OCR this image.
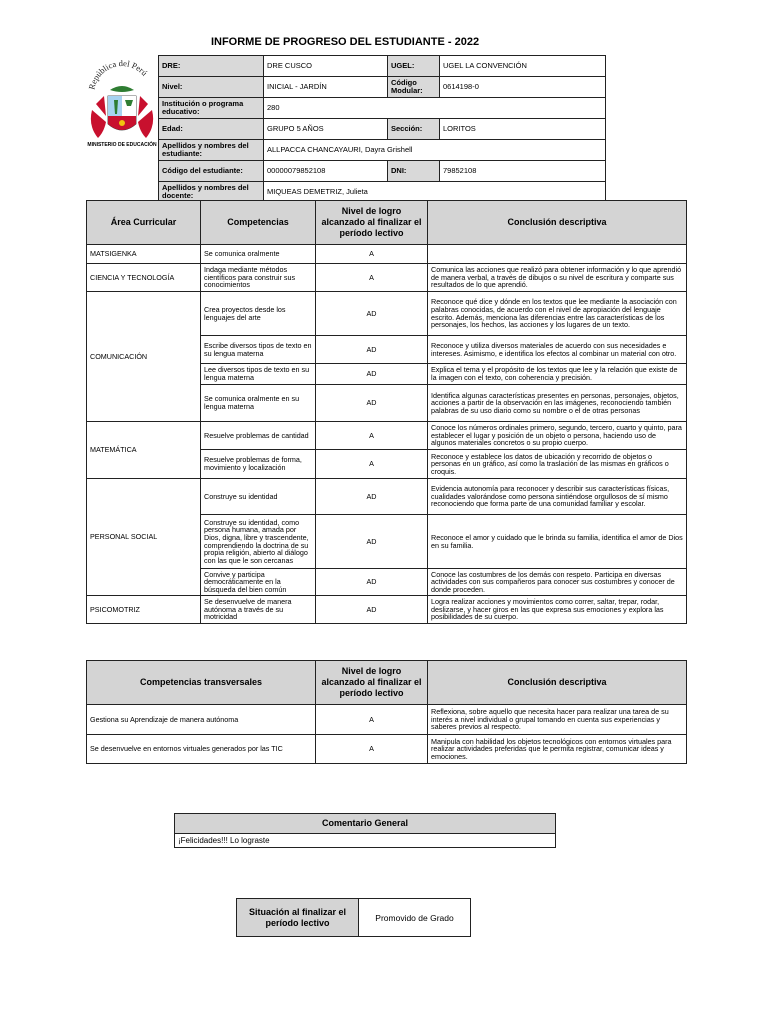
INFORME DE PROGRESO DEL ESTUDIANTE - 2022
República del Perú
MINISTERIO DE EDUCACIÓN
DRE:	DRE CUSCO	UGEL:	UGEL LA CONVENCIÓN
Nivel:	INICIAL - JARDÍN	Código Modular:	0614198-0
Institución o programa educativo:	280		
Edad:	GRUPO 5 AÑOS	Sección:	LORITOS
Apellidos y nombres del estudiante:	ALLPACCA CHANCAYAURI, Dayra Grishell		
Código del estudiante:	00000079852108	DNI:	79852108
Apellidos y nombres del docente:	MIQUEAS DEMETRIZ, Julieta		
Área Curricular	Competencias	Nivel de logro alcanzado al finalizar el período lectivo	Conclusión descriptiva
MATSIGENKA	Se comunica oralmente	A	
CIENCIA Y TECNOLOGÍA	Indaga mediante métodos científicos para construir sus conocimientos	A	Comunica las acciones que realizó para obtener información y lo que aprendió de manera verbal, a través de dibujos o su nivel de escritura y comparte sus resultados de lo que aprendió.
COMUNICACIÓN	Crea proyectos desde los lenguajes del arte	AD	Reconoce qué dice y dónde en los textos que lee mediante la asociación con palabras conocidas, de acuerdo con el nivel de apropiación del lenguaje escrito. Además, menciona las diferencias entre las características de los personajes, los hechos, las acciones y los lugares de un texto.
	Escribe diversos tipos de texto en su lengua materna	AD	Reconoce y utiliza diversos materiales de acuerdo con sus necesidades e intereses. Asimismo, e identifica los efectos al combinar un material con otro.
	Lee diversos tipos de texto en su lengua materna	AD	Explica el tema y el propósito de los textos que lee y la relación que existe de la imagen con el texto, con coherencia y precisión.
	Se comunica oralmente en su lengua materna	AD	Identifica algunas características presentes en personas, personajes, objetos, acciones a partir de la observación en las imágenes, reconociendo también palabras de su uso diario como su nombre o el de otras personas
MATEMÁTICA	Resuelve problemas de cantidad	A	Conoce los números ordinales primero, segundo, tercero, cuarto y quinto, para establecer el lugar y posición de un objeto o persona, haciendo uso de algunos materiales concretos o su propio cuerpo.
	Resuelve problemas de forma, movimiento y localización	A	Reconoce y establece los datos de ubicación y recorrido de objetos o personas en un gráfico, así como la traslación de las mismas en gráficos o croquis.
PERSONAL SOCIAL	Construye su identidad	AD	Evidencia autonomía para reconocer y describir sus características físicas, cualidades valorándose como persona sintiéndose orgullosos de sí mismo reconociendo que forma parte de una comunidad familiar y escolar.
	Construye su identidad, como persona humana, amada por Dios, digna, libre y trascendente, comprendiendo la doctrina de su propia religión, abierto al diálogo con las que le son cercanas	AD	Reconoce el amor y cuidado que le brinda su familia, identifica el amor de Dios en su familia.
	Convive y participa democráticamente en la búsqueda del bien común	AD	Conoce las costumbres de los demás con respeto. Participa en diversas actividades con sus compañeros para conocer sus costumbres y conocer de donde proceden.
PSICOMOTRIZ	Se desenvuelve de manera autónoma a través de su motricidad	AD	Logra realizar acciones y movimientos como correr, saltar, trepar, rodar, deslizarse, y hacer giros en las que expresa sus emociones y explora las posibilidades de su cuerpo.
Competencias transversales	Nivel de logro alcanzado al finalizar el período lectivo	Conclusión descriptiva
Gestiona su Aprendizaje de manera autónoma	A	Reflexiona, sobre aquello que necesita hacer para realizar una tarea de su interés a nivel individual o grupal tomando en cuenta sus experiencias y saberes previos al respecto.
Se desenvuelve en entornos virtuales generados por las TIC	A	Manipula con habilidad los objetos tecnológicos con entornos virtuales para realizar actividades preferidas que le permita registrar, comunicar ideas y emociones.
Comentario General
¡Felicidades!!! Lo lograste
Situación al finalizar el período lectivo	Promovido de Grado
